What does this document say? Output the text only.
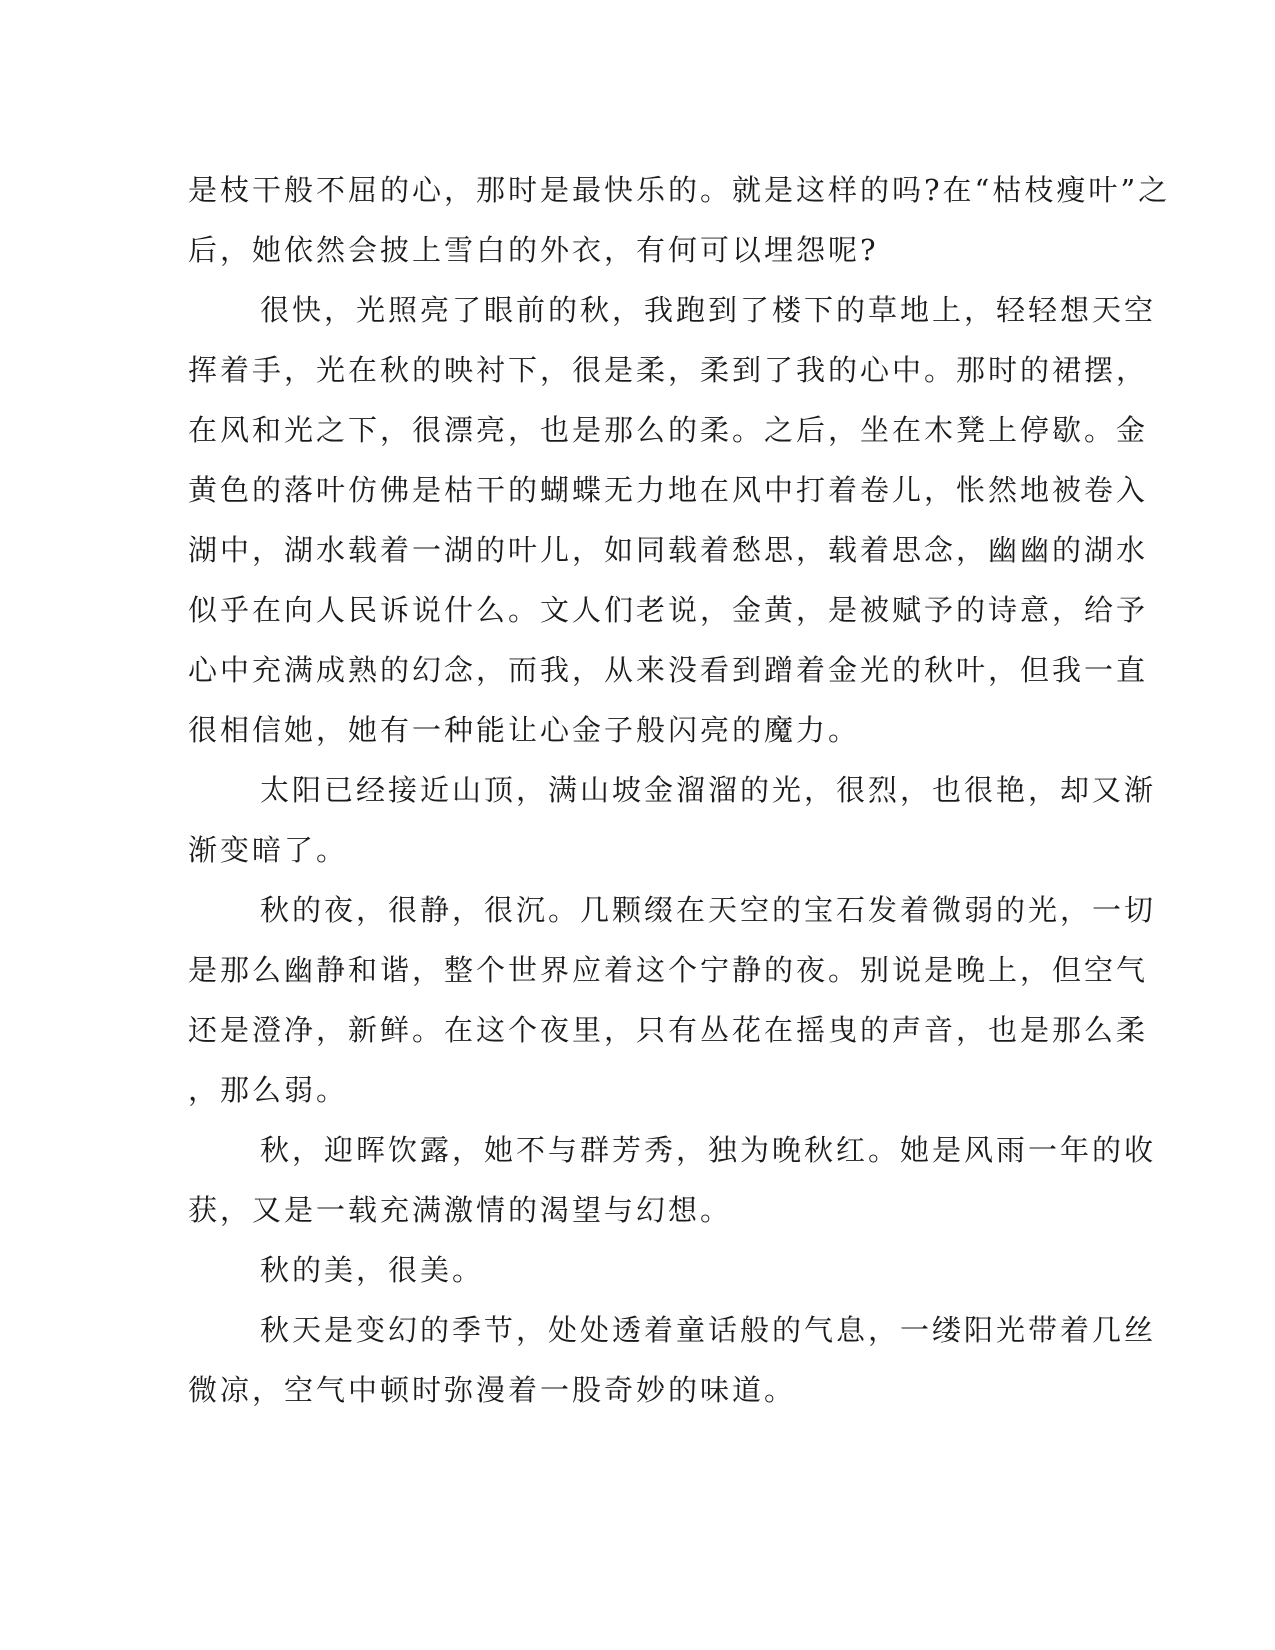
是枝干般不屈的心，那时是最快乐的。就是这样的吗?在“枯枝瘦叶”之
后，她依然会披上雪白的外衣，有何可以埋怨呢?
很快，光照亮了眼前的秋，我跑到了楼下的草地上，轻轻想天空
挥着手，光在秋的映衬下，很是柔，柔到了我的心中。那时的裙摆，
在风和光之下，很漂亮，也是那么的柔。之后，坐在木凳上停歇。金
黄色的落叶仿佛是枯干的蝴蝶无力地在风中打着卷儿，怅然地被卷入
湖中，湖水载着一湖的叶儿，如同载着愁思，载着思念，幽幽的湖水
似乎在向人民诉说什么。文人们老说，金黄，是被赋予的诗意，给予
心中充满成熟的幻念，而我，从来没看到蹭着金光的秋叶，但我一直
很相信她，她有一种能让心金子般闪亮的魔力。
太阳已经接近山顶，满山坡金溜溜的光，很烈，也很艳，却又渐
渐变暗了。
秋的夜，很静，很沉。几颗缀在天空的宝石发着微弱的光，一切
是那么幽静和谐，整个世界应着这个宁静的夜。别说是晚上，但空气
还是澄净，新鲜。在这个夜里，只有丛花在摇曳的声音，也是那么柔
，那么弱。
秋，迎晖饮露，她不与群芳秀，独为晚秋红。她是风雨一年的收
获，又是一载充满激情的渴望与幻想。
秋的美，很美。
秋天是变幻的季节，处处透着童话般的气息，一缕阳光带着几丝
微凉，空气中顿时弥漫着一股奇妙的味道。
